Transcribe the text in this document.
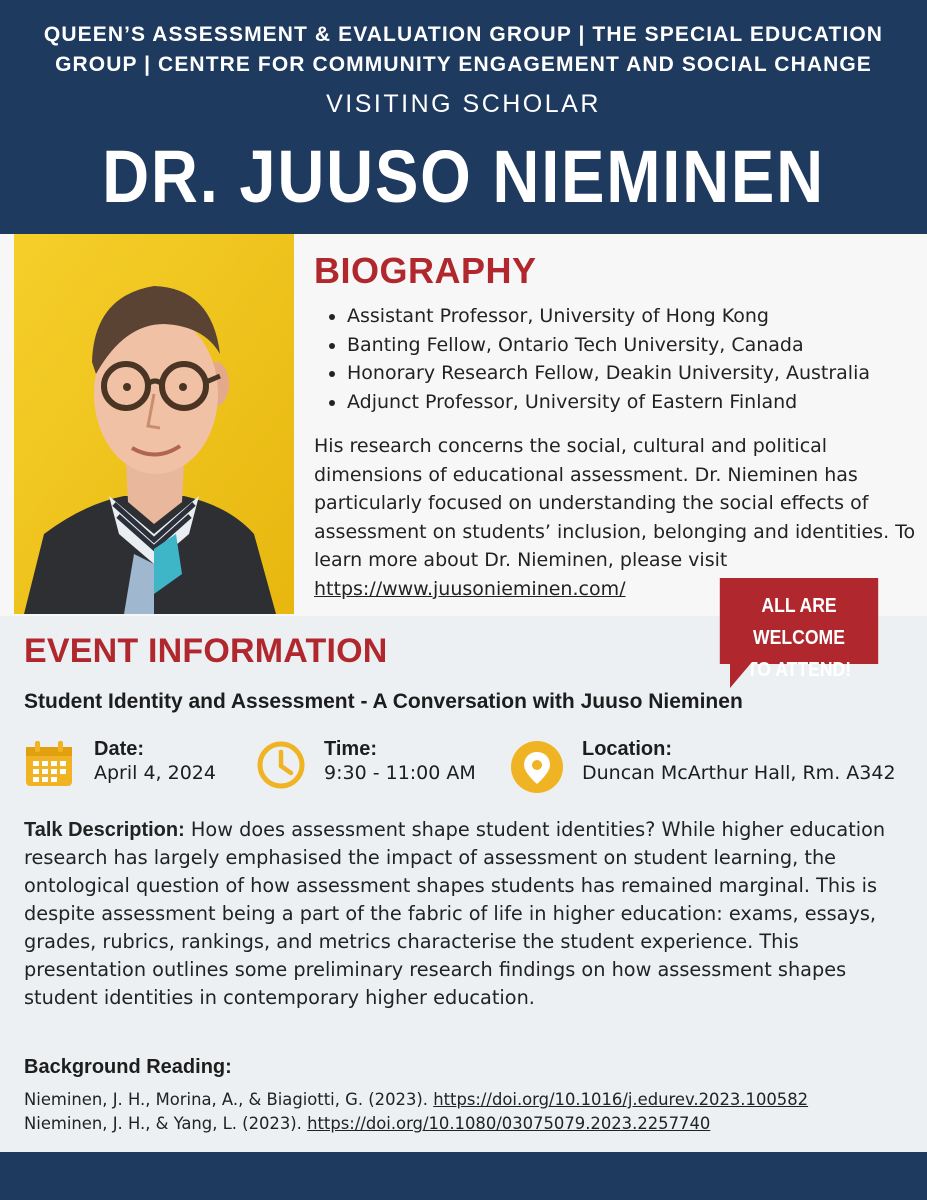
QUEEN’S ASSESSMENT & EVALUATION GROUP | THE SPECIAL EDUCATION GROUP | CENTRE FOR COMMUNITY ENGAGEMENT AND SOCIAL CHANGE
VISITING SCHOLAR
DR. JUUSO NIEMINEN
BIOGRAPHY
• Assistant Professor, University of Hong Kong
• Banting Fellow, Ontario Tech University, Canada
• Honorary Research Fellow, Deakin University, Australia
• Adjunct Professor, University of Eastern Finland

His research concerns the social, cultural and political dimensions of educational assessment. Dr. Nieminen has particularly focused on understanding the social effects of assessment on students’ inclusion, belonging and identities. To learn more about Dr. Nieminen, please visit https://www.juusonieminen.com/

ALL ARE WELCOME
TO ATTEND!
EVENT INFORMATION
Student Identity and Assessment - A Conversation with Juuso Nieminen
Date:
April 4, 2024
Time:
9:30 - 11:00 AM
Location:
Duncan McArthur Hall, Rm. A342

Talk Description: How does assessment shape student identities? While higher education research has largely emphasised the impact of assessment on student learning, the ontological question of how assessment shapes students has remained marginal. This is despite assessment being a part of the fabric of life in higher education: exams, essays, grades, rubrics, rankings, and metrics characterise the student experience. This presentation outlines some preliminary research findings on how assessment shapes student identities in contemporary higher education.

Background Reading:
Nieminen, J. H., Morina, A., & Biagiotti, G. (2023). https://doi.org/10.1016/j.edurev.2023.100582
Nieminen, J. H., & Yang, L. (2023). https://doi.org/10.1080/03075079.2023.2257740
